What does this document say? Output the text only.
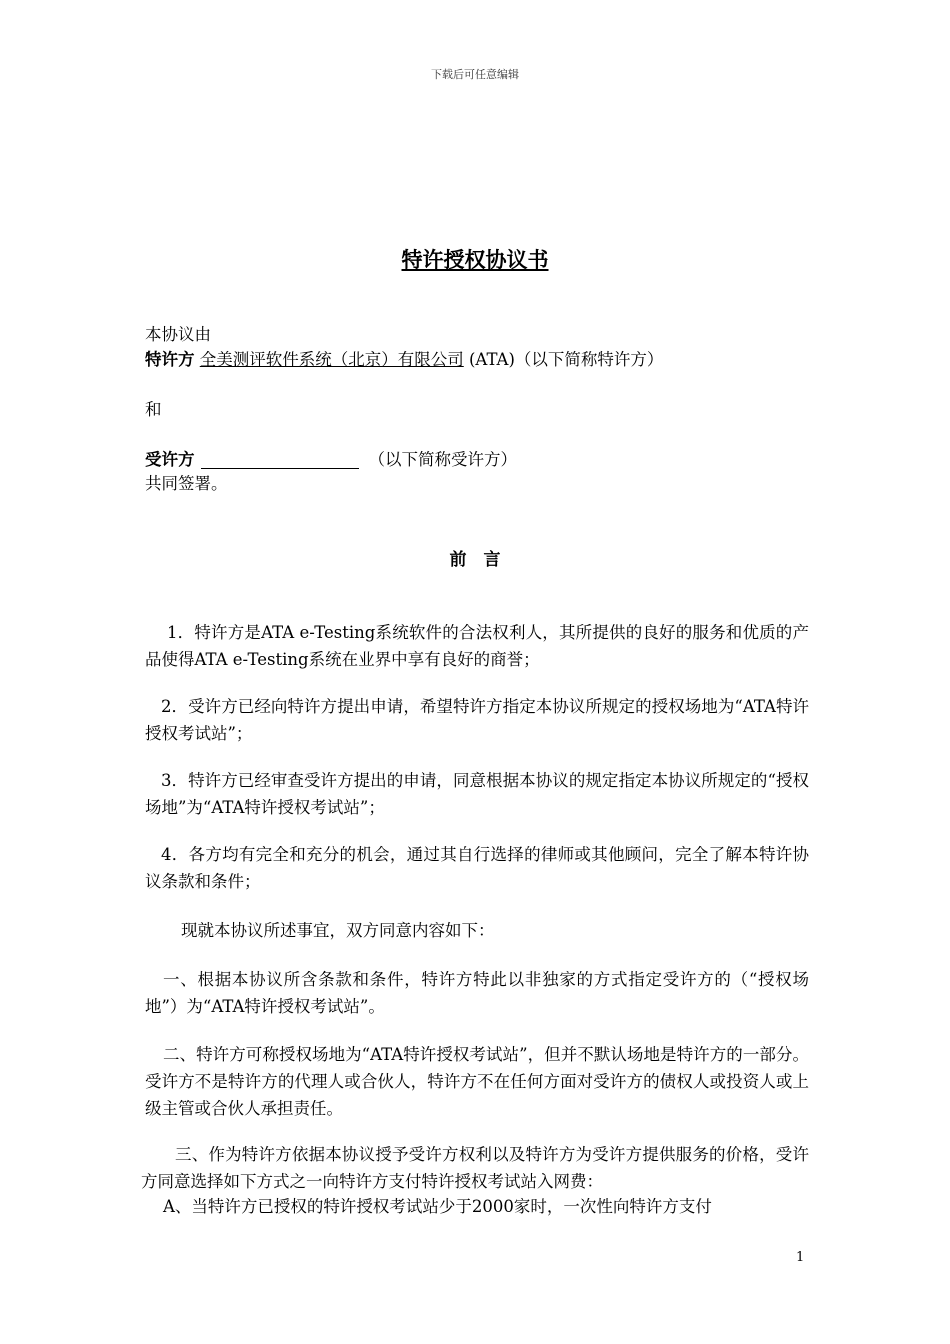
下载后可任意编辑
特许授权协议书
本协议由
特许方 全美测评软件系统（北京）有限公司 (ATA)（以下简称特许方）
和
受许方	（以下简称受许方）
共同签署。
前　言
1．特许方是ATA e-Testing系统软件的合法权利人，其所提供的良好的服务和优质的产品使得ATA e-Testing系统在业界中享有良好的商誉；
2．受许方已经向特许方提出申请，希望特许方指定本协议所规定的授权场地为“ATA特许授权考试站”；
3．特许方已经审查受许方提出的申请，同意根据本协议的规定指定本协议所规定的“授权场地”为“ATA特许授权考试站”；
4．各方均有完全和充分的机会，通过其自行选择的律师或其他顾问，完全了解本特许协议条款和条件；
现就本协议所述事宜，双方同意内容如下：
一、根据本协议所含条款和条件，特许方特此以非独家的方式指定受许方的（“授权场地”）为“ATA特许授权考试站”。
二、特许方可称授权场地为“ATA特许授权考试站”，但并不默认场地是特许方的一部分。受许方不是特许方的代理人或合伙人，特许方不在任何方面对受许方的债权人或投资人或上级主管或合伙人承担责任。
三、作为特许方依据本协议授予受许方权利以及特许方为受许方提供服务的价格，受许方同意选择如下方式之一向特许方支付特许授权考试站入网费：
A、当特许方已授权的特许授权考试站少于2000家时，一次性向特许方支付
1
